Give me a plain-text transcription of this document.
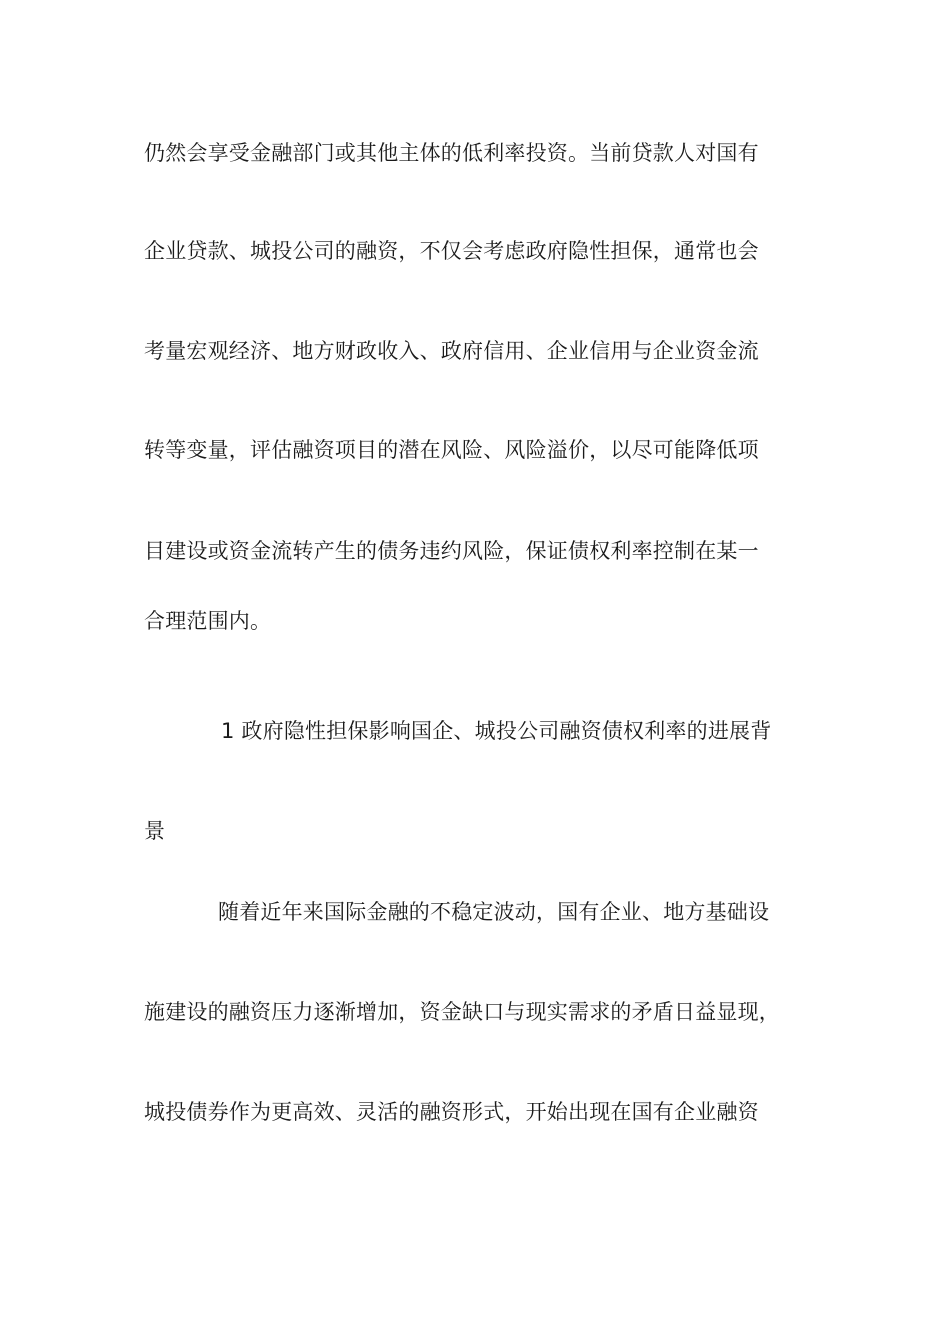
仍然会享受金融部门或其他主体的低利率投资。当前贷款人对国有
企业贷款、城投公司的融资，不仅会考虑政府隐性担保，通常也会
考量宏观经济、地方财政收入、政府信用、企业信用与企业资金流
转等变量，评估融资项目的潜在风险、风险溢价，以尽可能降低项
目建设或资金流转产生的债务违约风险，保证债权利率控制在某一
合理范围内。
1 政府隐性担保影响国企、城投公司融资债权利率的进展背
景
随着近年来国际金融的不稳定波动，国有企业、地方基础设
施建设的融资压力逐渐增加，资金缺口与现实需求的矛盾日益显现，
城投债券作为更高效、灵活的融资形式，开始出现在国有企业融资
